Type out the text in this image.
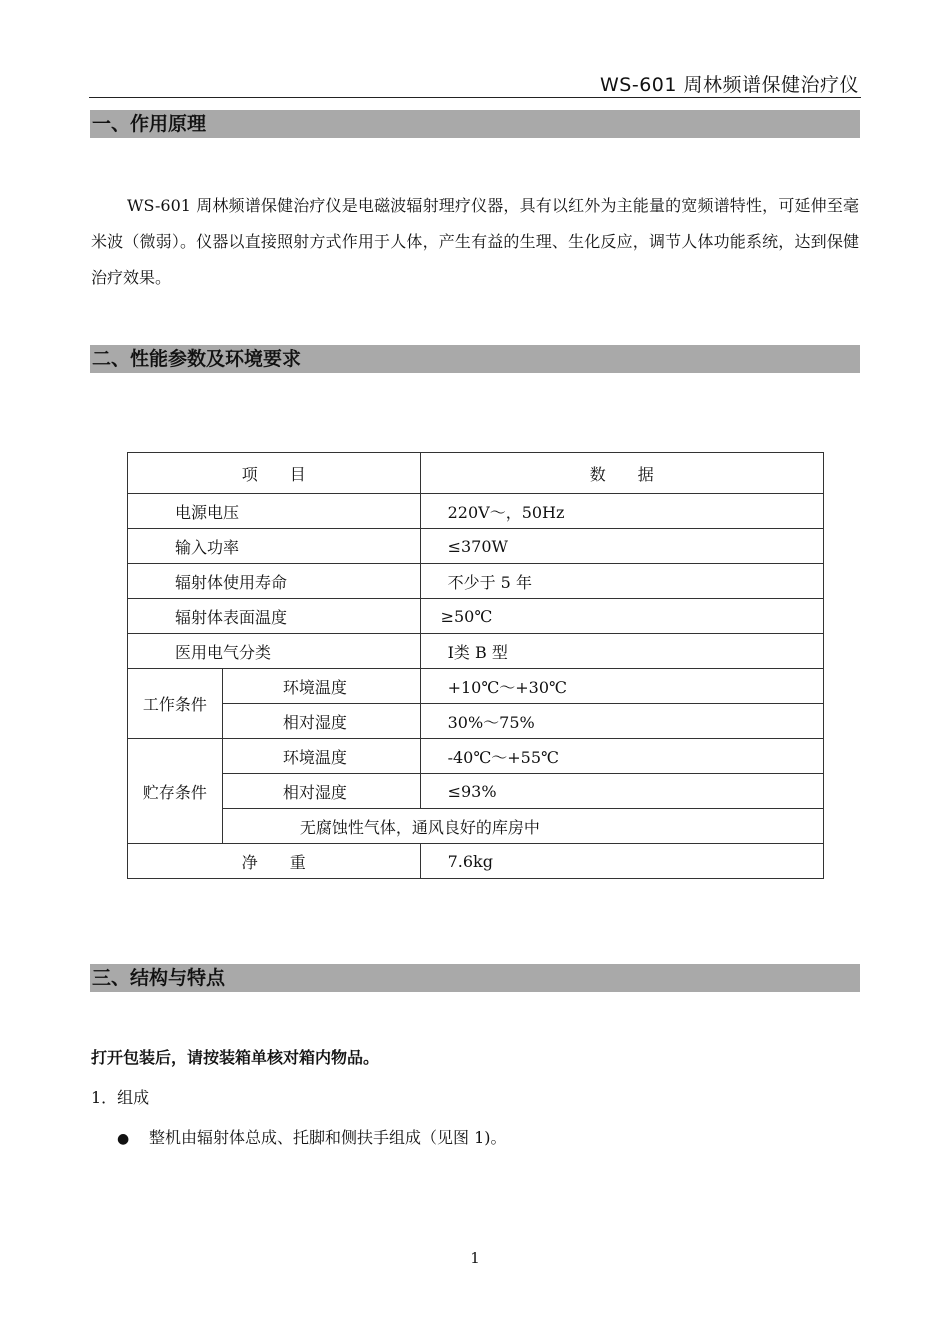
WS-601 周林频谱保健治疗仪
一、作用原理
WS-601 周林频谱保健治疗仪是电磁波辐射理疗仪器，具有以红外为主能量的宽频谱特性，可延伸至毫米波（微弱）。仪器以直接照射方式作用于人体，产生有益的生理、生化反应，调节人体功能系统，达到保健治疗效果。
二、性能参数及环境要求
项　　目		数　　据
电源电压		220V～，50Hz
输入功率		≤370W
辐射体使用寿命		不少于 5 年
辐射体表面温度		≥50℃
医用电气分类		Ⅰ类 B 型
工作条件	环境温度	+10℃～+30℃
	相对湿度	30%～75%
贮存条件	环境温度	-40℃～+55℃
	相对湿度	≤93%
	无腐蚀性气体，通风良好的库房中	
净　　重		7.6kg
三、结构与特点
打开包装后，请按装箱单核对箱内物品。
1．组成
● 整机由辐射体总成、托脚和侧扶手组成（见图 1)。
1
